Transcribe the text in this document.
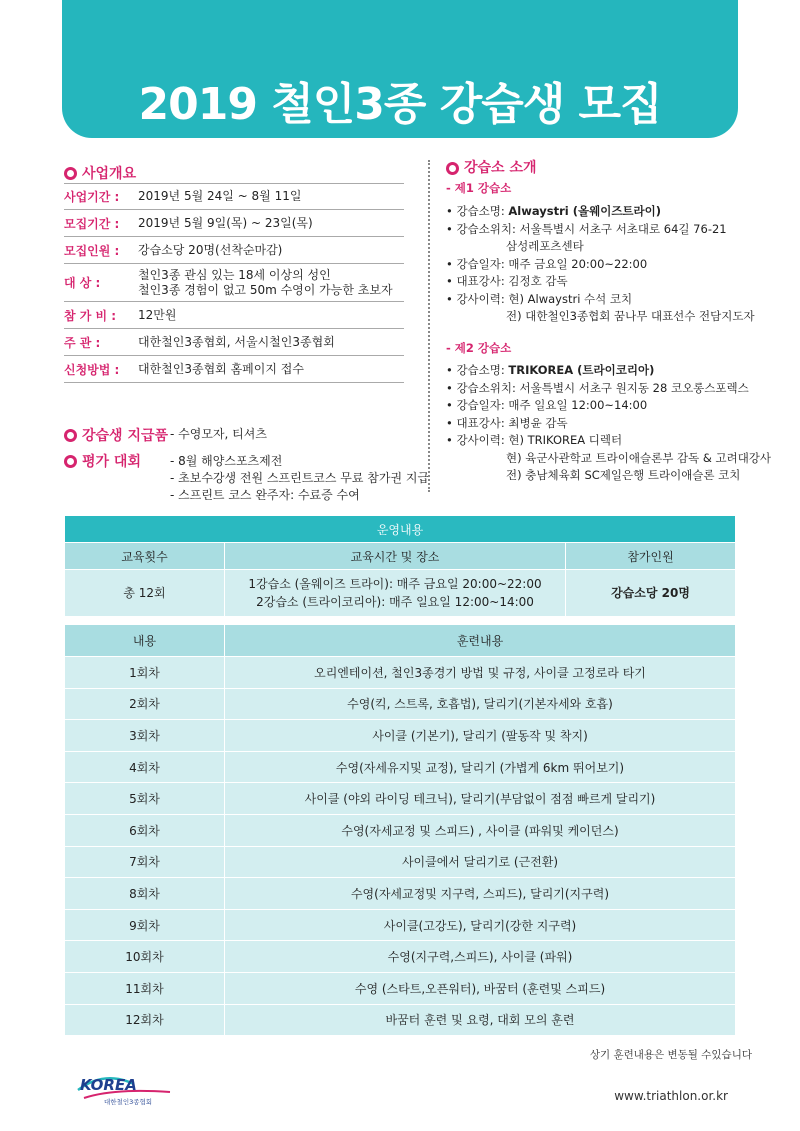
2019 철인3종 강습생 모집
사업개요
사업기간 :	2019년 5월 24일 ~ 8월 11일
모집기간 :	2019년 5월 9일(목) ~ 23일(목)
모집인원 :	강습소당 20명(선착순마감)
대 상 :
철인3종 관심 있는 18세 이상의 성인
철인3종 경험이 없고 50m 수영이 가능한 초보자
참 가 비 :	12만원
주 관 :	대한철인3종협회, 서울시철인3종협회
신청방법 :	대한철인3종협회 홈페이지 접수
강습생 지급품 - 수영모자, 티셔츠
평가 대회 - 8월 해양스포츠제전
- 초보수강생 전원 스프린트코스 무료 참가권 지급
- 스프린트 코스 완주자: 수료증 수여
강습소 소개
- 제1 강습소
• 강습소명: Alwaystri (올웨이즈트라이)
• 강습소위치: 서울특별시 서초구 서초대로 64길 76-21
삼성레포츠센타
• 강습일자: 매주 금요일 20:00~22:00
• 대표강사: 김정호 감독
• 강사이력: 현) Alwaystri 수석 코치
전) 대한철인3종협회 꿈나무 대표선수 전담지도자
- 제2 강습소
• 강습소명: TRIKOREA (트라이코리아)
• 강습소위치: 서울특별시 서초구 원지동 28 코오롱스포렉스
• 강습일자: 매주 일요일 12:00~14:00
• 대표강사: 최병윤 감독
• 강사이력: 현) TRIKOREA 디렉터
현) 육군사관학교 트라이애슬론부 감독 & 고려대강사
전) 충남체육회 SC제일은행 트라이애슬론 코치
운영내용		
교육횟수	교육시간 및 장소	참가인원
총 12회	1강습소 (올웨이즈 트라이): 매주 금요일 20:00~22:00
2강습소 (트라이코리아): 매주 일요일 12:00~14:00	강습소당 20명
내용	훈련내용
1회차	오리엔테이션, 철인3종경기 방법 및 규정, 사이클 고정로라 타기
2회차	수영(킥, 스트록, 호흡법), 달리기(기본자세와 호흡)
3회차	사이클 (기본기), 달리기 (팔동작 및 착지)
4회차	수영(자세유지및 교정), 달리기 (가볍게 6km 뛰어보기)
5회차	사이클 (야외 라이딩 테크닉), 달리기(부담없이 점점 빠르게 달리기)
6회차	수영(자세교정 및 스피드) , 사이클 (파워및 케이던스)
7회차	사이클에서 달리기로 (근전환)
8회차	수영(자세교정및 지구력, 스피드), 달리기(지구력)
9회차	사이클(고강도), 달리기(강한 지구력)
10회차	수영(지구력,스피드), 사이클 (파워)
11회차	수영 (스타트,오픈워터), 바꿈터 (훈련및 스피드)
12회차	바꿈터 훈련 및 요령, 대회 모의 훈련
상기 훈련내용은 변동될 수있습니다
KOREA
대한철인3종협회	www.triathlon.or.kr
